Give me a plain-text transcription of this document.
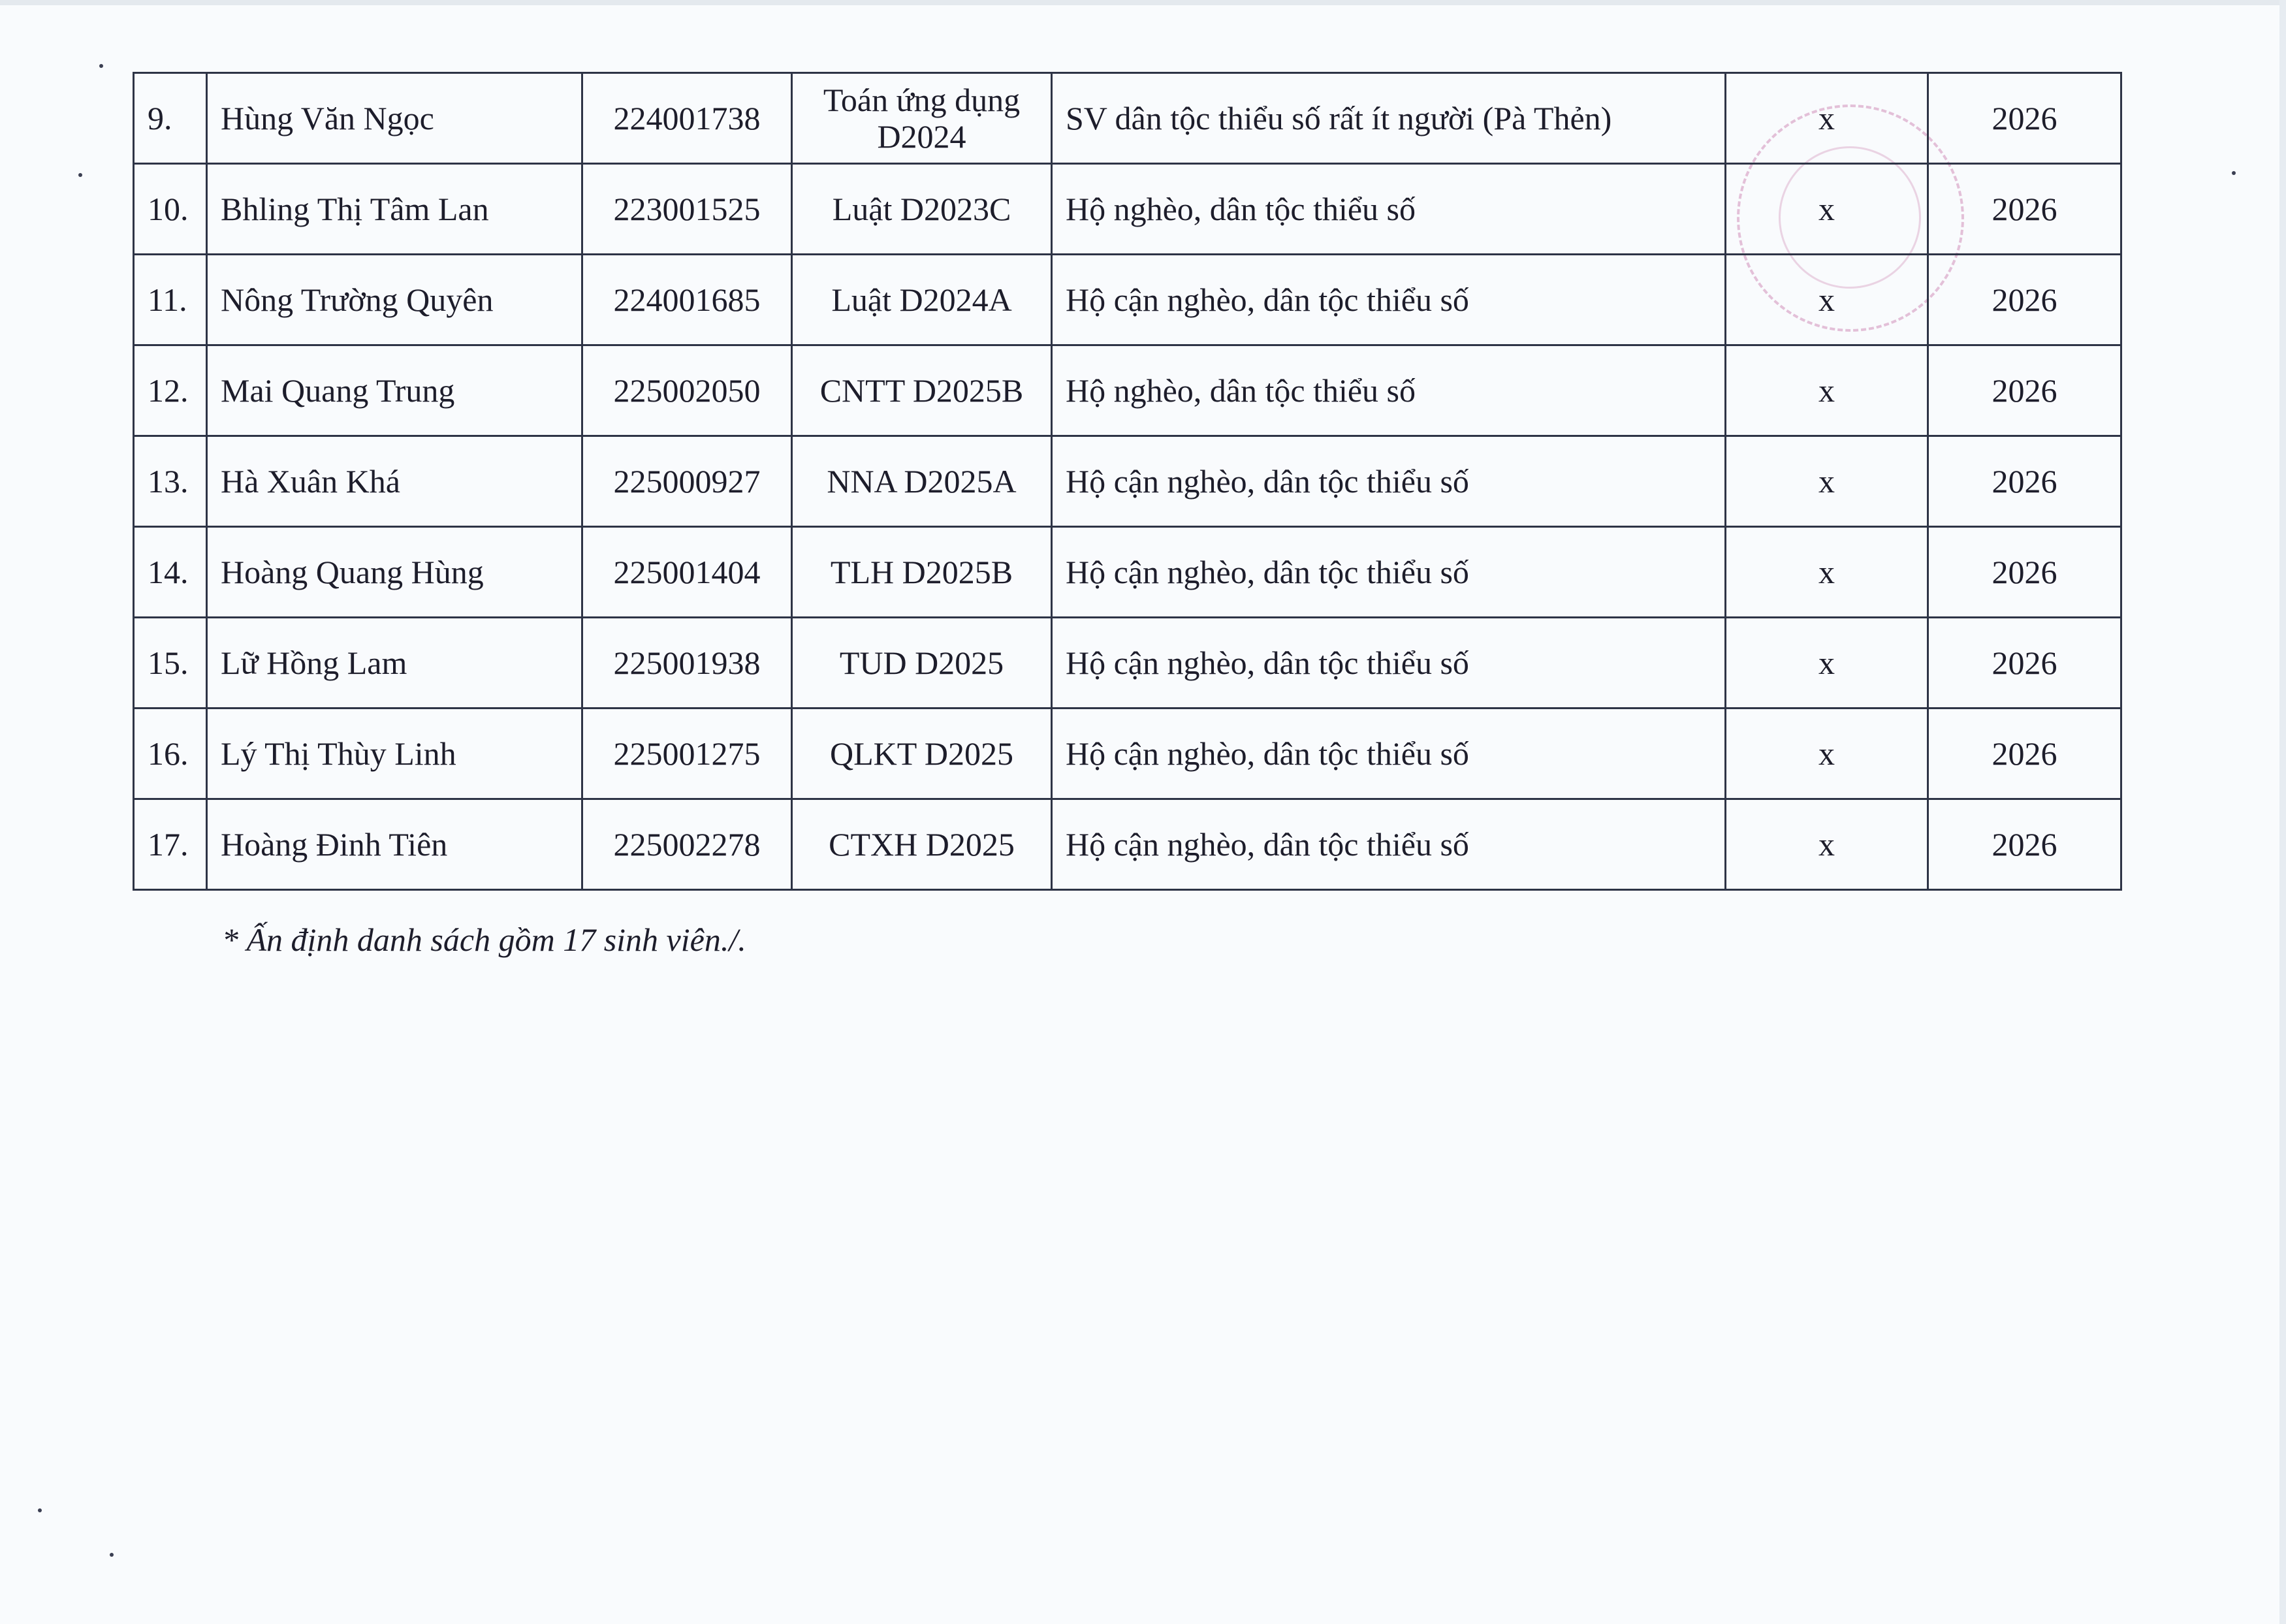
9.	Hùng Văn Ngọc	224001738	Toán ứng dụng D2024	SV dân tộc thiểu số rất ít người (Pà Thẻn)	x	2026
10.	Bhling Thị Tâm Lan	223001525	Luật D2023C	Hộ nghèo, dân tộc thiểu số	x	2026
11.	Nông Trường Quyên	224001685	Luật D2024A	Hộ cận nghèo, dân tộc thiểu số	x	2026
12.	Mai Quang Trung	225002050	CNTT D2025B	Hộ nghèo, dân tộc thiểu số	x	2026
13.	Hà Xuân Khá	225000927	NNA D2025A	Hộ cận nghèo, dân tộc thiểu số	x	2026
14.	Hoàng Quang Hùng	225001404	TLH D2025B	Hộ cận nghèo, dân tộc thiểu số	x	2026
15.	Lữ Hồng Lam	225001938	TUD D2025	Hộ cận nghèo, dân tộc thiểu số	x	2026
16.	Lý Thị Thùy Linh	225001275	QLKT D2025	Hộ cận nghèo, dân tộc thiểu số	x	2026
17.	Hoàng Đinh Tiên	225002278	CTXH D2025	Hộ cận nghèo, dân tộc thiểu số	x	2026
* Ấn định danh sách gồm 17 sinh viên./.
